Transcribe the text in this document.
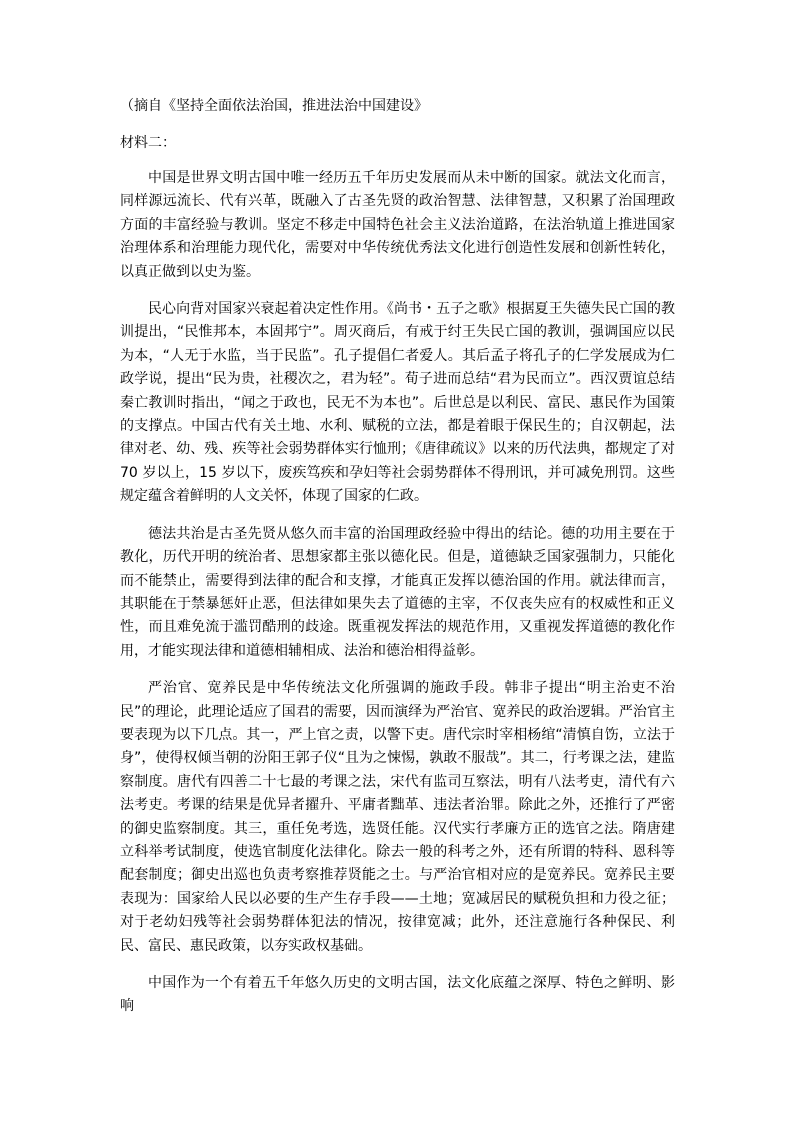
（摘自《坚持全面依法治国，推进法治中国建设》

材料二：

中国是世界文明古国中唯一经历五千年历史发展而从未中断的国家。就法文化而言，同样源远流长、代有兴革，既融入了古圣先贤的政治智慧、法律智慧，又积累了治国理政方面的丰富经验与教训。坚定不移走中国特色社会主义法治道路，在法治轨道上推进国家治理体系和治理能力现代化，需要对中华传统优秀法文化进行创造性发展和创新性转化，以真正做到以史为鉴。

民心向背对国家兴衰起着决定性作用。《尚书・五子之歌》根据夏王失德失民亡国的教训提出，“民惟邦本，本固邦宁”。周灭商后，有戒于纣王失民亡国的教训，强调国应以民为本，“人无于水监，当于民监”。孔子提倡仁者爱人。其后孟子将孔子的仁学发展成为仁政学说，提出“民为贵，社稷次之，君为轻”。荀子进而总结“君为民而立”。西汉贾谊总结秦亡教训时指出，“闻之于政也，民无不为本也”。后世总是以利民、富民、惠民作为国策的支撑点。中国古代有关土地、水利、赋税的立法，都是着眼于保民生的；自汉朝起，法律对老、幼、残、疾等社会弱势群体实行恤刑；《唐律疏议》以来的历代法典，都规定了对 70 岁以上，15 岁以下，废疾笃疾和孕妇等社会弱势群体不得刑讯，并可减免刑罚。这些规定蕴含着鲜明的人文关怀，体现了国家的仁政。

德法共治是古圣先贤从悠久而丰富的治国理政经验中得出的结论。德的功用主要在于教化，历代开明的统治者、思想家都主张以德化民。但是，道德缺乏国家强制力，只能化而不能禁止，需要得到法律的配合和支撑，才能真正发挥以德治国的作用。就法律而言，其职能在于禁暴惩奸止恶，但法律如果失去了道德的主宰，不仅丧失应有的权威性和正义性，而且难免流于滥罚酷刑的歧途。既重视发挥法的规范作用，又重视发挥道德的教化作用，才能实现法律和道德相辅相成、法治和德治相得益彰。

严治官、宽养民是中华传统法文化所强调的施政手段。韩非子提出“明主治吏不治民”的理论，此理论适应了国君的需要，因而演绎为严治官、宽养民的政治逻辑。严治官主要表现为以下几点。其一，严上官之责，以警下吏。唐代宗时宰相杨绾“清慎自饬，立法于身”，使得权倾当朝的汾阳王郭子仪“且为之悚惕，孰敢不服哉”。其二，行考课之法，建监察制度。唐代有四善二十七最的考课之法，宋代有监司互察法，明有八法考吏，清代有六法考吏。考课的结果是优异者擢升、平庸者黜革、违法者治罪。除此之外，还推行了严密的御史监察制度。其三，重任免考选，选贤任能。汉代实行孝廉方正的选官之法。隋唐建立科举考试制度，使选官制度化法律化。除去一般的科考之外，还有所谓的特科、恩科等配套制度；御史出巡也负责考察推荐贤能之士。与严治官相对应的是宽养民。宽养民主要表现为：国家给人民以必要的生产生存手段——土地；宽减居民的赋税负担和力役之征；对于老幼妇残等社会弱势群体犯法的情况，按律宽减；此外，还注意施行各种保民、利民、富民、惠民政策，以夯实政权基础。

中国作为一个有着五千年悠久历史的文明古国，法文化底蕴之深厚、特色之鲜明、影响
